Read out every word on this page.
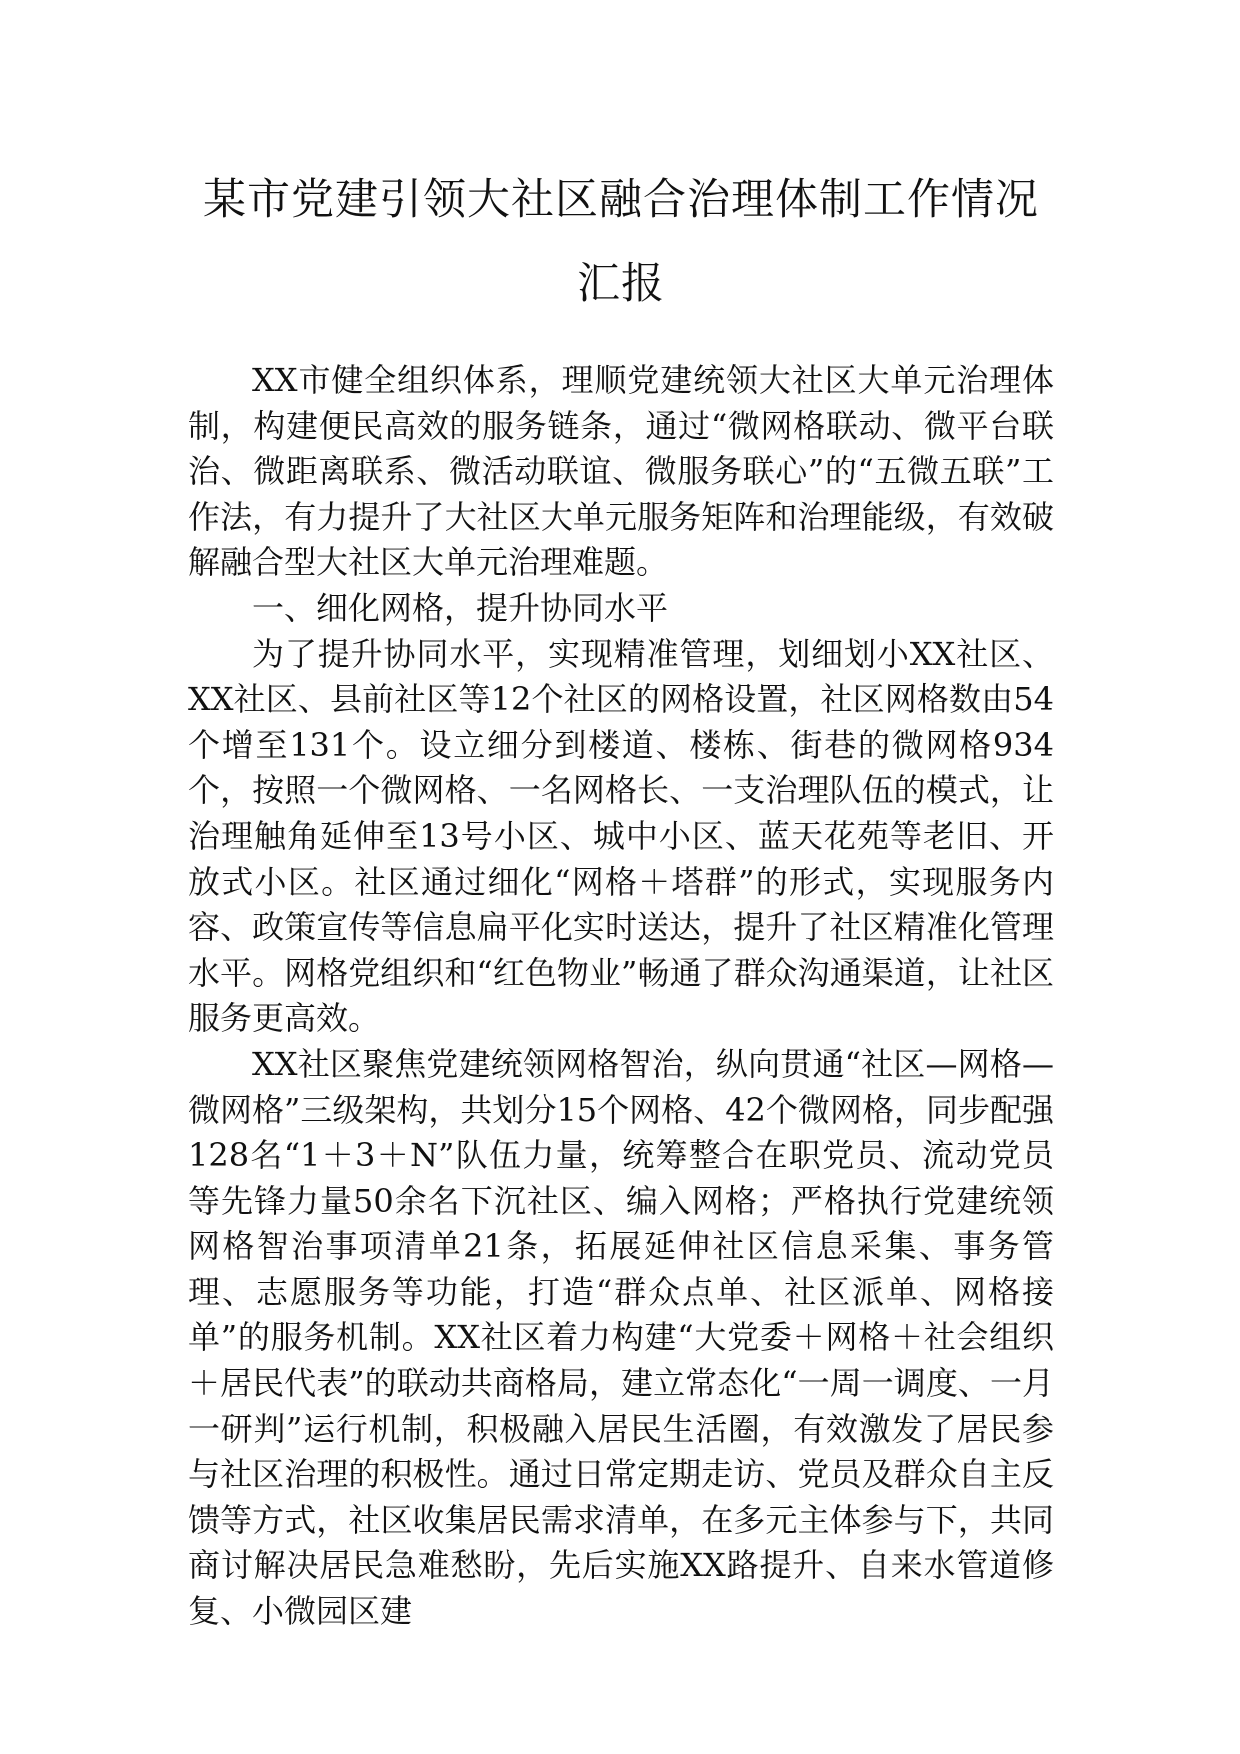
某市党建引领大社区融合治理体制工作情况汇报

XX市健全组织体系，理顺党建统领大社区大单元治理体制，构建便民高效的服务链条，通过“微网格联动、微平台联治、微距离联系、微活动联谊、微服务联心”的“五微五联”工作法，有力提升了大社区大单元服务矩阵和治理能级，有效破解融合型大社区大单元治理难题。

一、细化网格，提升协同水平

为了提升协同水平，实现精准管理，划细划小XX社区、XX社区、县前社区等12个社区的网格设置，社区网格数由54个增至131个。设立细分到楼道、楼栋、街巷的微网格934个，按照一个微网格、一名网格长、一支治理队伍的模式，让治理触角延伸至13号小区、城中小区、蓝天花苑等老旧、开放式小区。社区通过细化“网格＋塔群”的形式，实现服务内容、政策宣传等信息扁平化实时送达，提升了社区精准化管理水平。网格党组织和“红色物业”畅通了群众沟通渠道，让社区服务更高效。

XX社区聚焦党建统领网格智治，纵向贯通“社区—网格—微网格”三级架构，共划分15个网格、42个微网格，同步配强128名“1＋3＋N”队伍力量，统筹整合在职党员、流动党员等先锋力量50余名下沉社区、编入网格；严格执行党建统领网格智治事项清单21条，拓展延伸社区信息采集、事务管理、志愿服务等功能，打造“群众点单、社区派单、网格接单”的服务机制。XX社区着力构建“大党委＋网格＋社会组织＋居民代表”的联动共商格局，建立常态化“一周一调度、一月一研判”运行机制，积极融入居民生活圈，有效激发了居民参与社区治理的积极性。通过日常定期走访、党员及群众自主反馈等方式，社区收集居民需求清单，在多元主体参与下，共同商讨解决居民急难愁盼，先后实施XX路提升、自来水管道修复、小微园区建
